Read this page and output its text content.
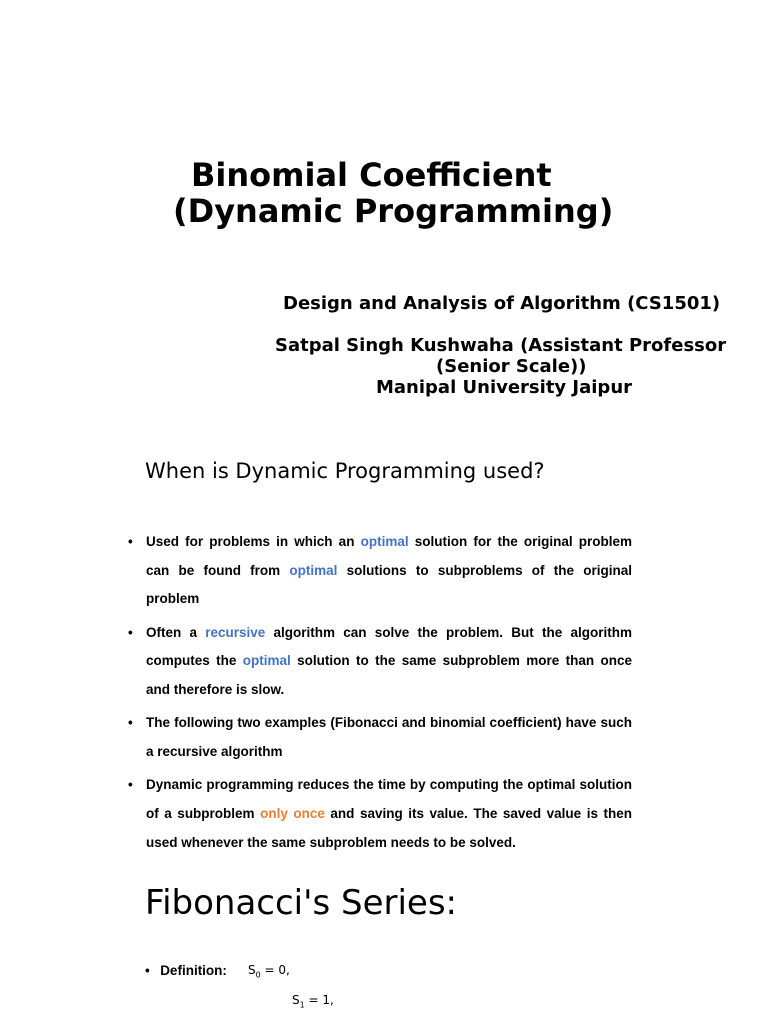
Binomial Coefficient
(Dynamic Programming)
Design and Analysis of Algorithm (CS1501)
Satpal Singh Kushwaha (Assistant Professor
(Senior Scale))
Manipal University Jaipur
When is Dynamic Programming used?
• Used for problems in which an optimal solution for the original problem can be found from optimal solutions to subproblems of the original problem
• Often a recursive algorithm can solve the problem. But the algorithm computes the optimal solution to the same subproblem more than once and therefore is slow.
• The following two examples (Fibonacci and binomial coefficient) have such a recursive algorithm
• Dynamic programming reduces the time by computing the optimal solution of a subproblem only once and saving its value. The saved value is then used whenever the same subproblem needs to be solved.
Fibonacci's Series:
• Definition: $S_0 = 0$,
$S_1 = 1$,
